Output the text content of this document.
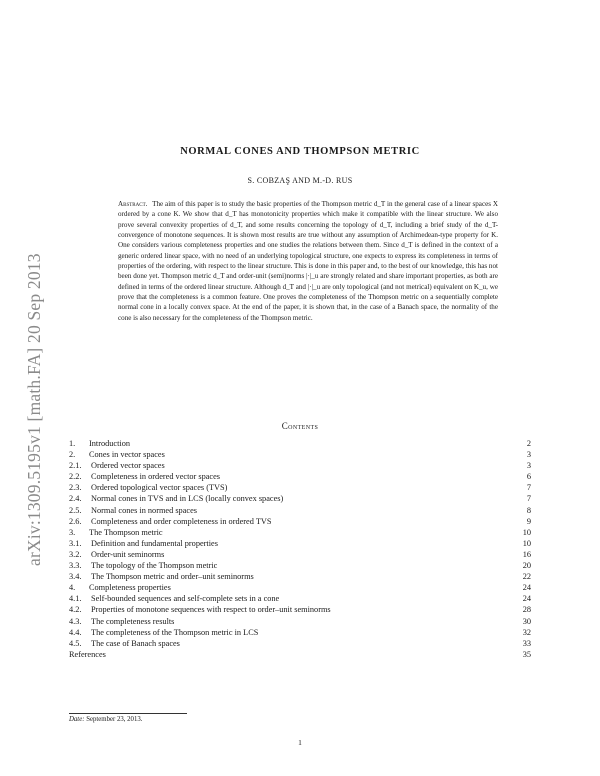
arXiv:1309.5195v1 [math.FA] 20 Sep 2013
NORMAL CONES AND THOMPSON METRIC
S. COBZAŞ AND M.-D. RUS
Abstract. The aim of this paper is to study the basic properties of the Thompson metric d_T in the general case of a linear spaces X ordered by a cone K. We show that d_T has monotonicity properties which make it compatible with the linear structure. We also prove several convexity properties of d_T, and some results concerning the topology of d_T, including a brief study of the d_T-convergence of monotone sequences. It is shown most results are true without any assumption of Archimedean-type property for K. One considers various completeness properties and one studies the relations between them. Since d_T is defined in the context of a generic ordered linear space, with no need of an underlying topological structure, one expects to express its completeness in terms of properties of the ordering, with respect to the linear structure. This is done in this paper and, to the best of our knowledge, this has not been done yet. Thompson metric d_T and order-unit (semi)norms |·|_u are strongly related and share important properties, as both are defined in terms of the ordered linear structure. Although d_T and |·|_u are only topological (and not metrical) equivalent on K_u, we prove that the completeness is a common feature. One proves the completeness of the Thompson metric on a sequentially complete normal cone in a locally convex space. At the end of the paper, it is shown that, in the case of a Banach space, the normality of the cone is also necessary for the completeness of the Thompson metric.
Contents
1.	Introduction	2
2.	Cones in vector spaces	3
2.1.	Ordered vector spaces	3
2.2.	Completeness in ordered vector spaces	6
2.3.	Ordered topological vector spaces (TVS)	7
2.4.	Normal cones in TVS and in LCS (locally convex spaces)	7
2.5.	Normal cones in normed spaces	8
2.6.	Completeness and order completeness in ordered TVS	9
3.	The Thompson metric	10
3.1.	Definition and fundamental properties	10
3.2.	Order-unit seminorms	16
3.3.	The topology of the Thompson metric	20
3.4.	The Thompson metric and order–unit seminorms	22
4.	Completeness properties	24
4.1.	Self-bounded sequences and self-complete sets in a cone	24
4.2.	Properties of monotone sequences with respect to order–unit seminorms	28
4.3.	The completeness results	30
4.4.	The completeness of the Thompson metric in LCS	32
4.5.	The case of Banach spaces	33
References	35
Date: September 23, 2013.
1
